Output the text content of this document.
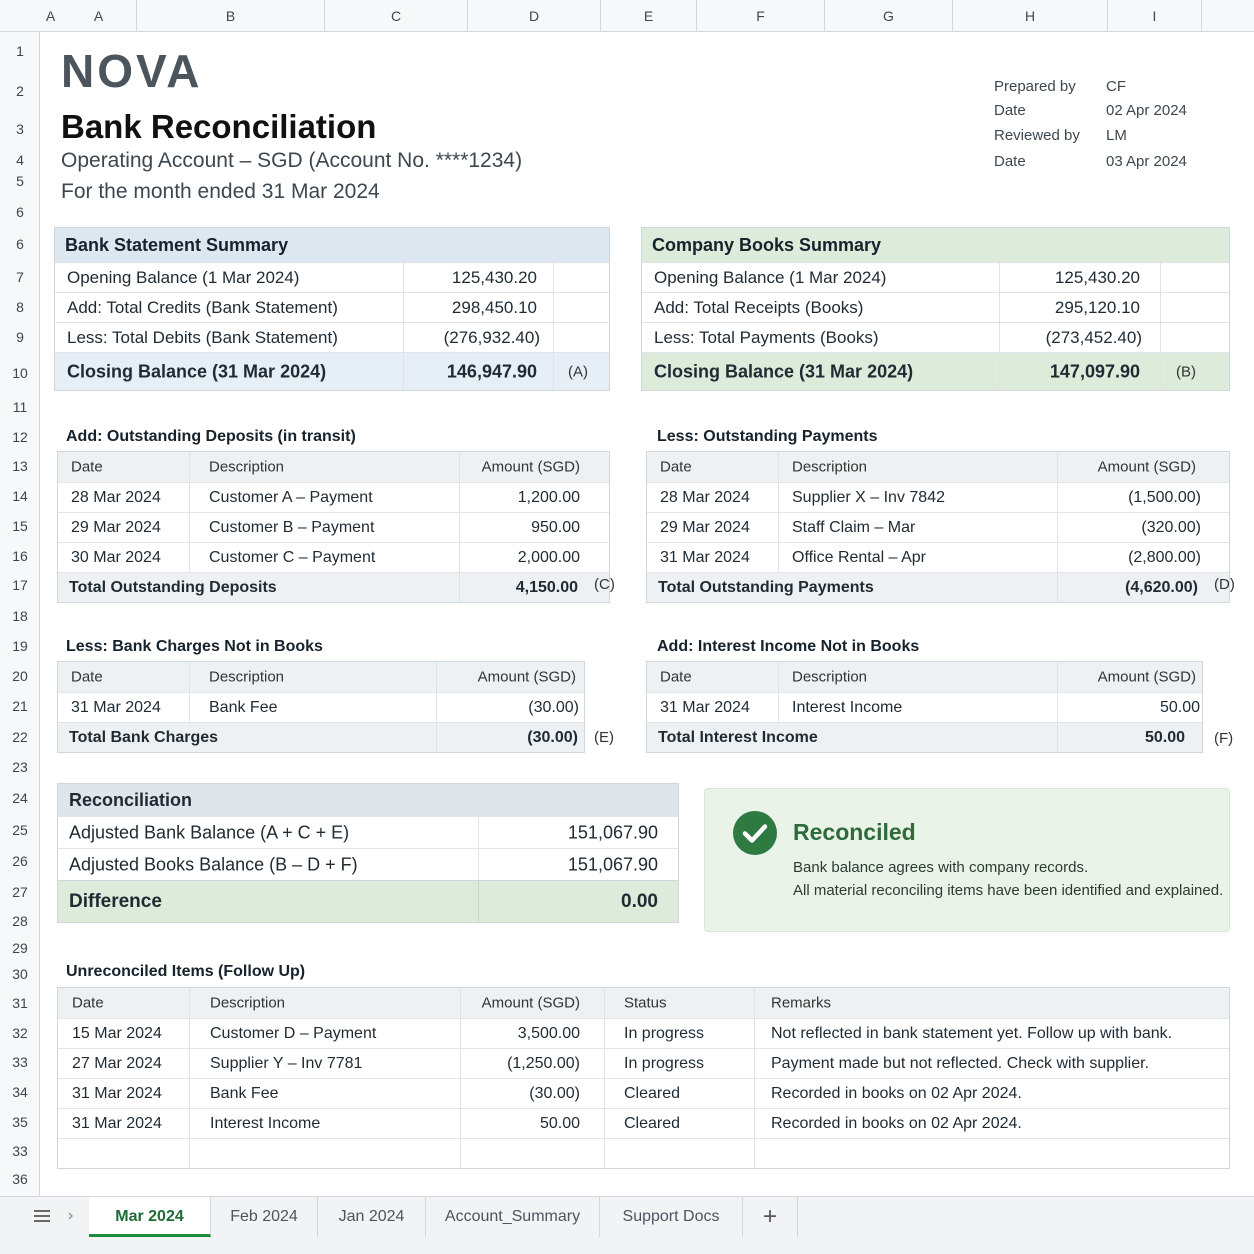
A	A	B	C	D	E	F	G	H	I
1
2
3
4
5
6
6
7
8
9
10
11
12
13
14
15
16
17
18
19
20
21
22
23
24
25
26
27
28
29
30
31
32
33
34
35
33
36
NOVA
Bank Reconciliation
Operating Account – SGD (Account No. ****1234)
For the month ended 31 Mar 2024
Prepared by CF
Date	02 Apr 2024
Reviewed by LM
Date	03 Apr 2024
Bank Statement Summary
Opening Balance (1 Mar 2024)	125,430.20
Add: Total Credits (Bank Statement)	298,450.10
Less: Total Debits (Bank Statement)	(276,932.40)
Closing Balance (31 Mar 2024)	146,947.90 (A)
Company Books Summary
Opening Balance (1 Mar 2024)	125,430.20
Add: Total Receipts (Books)	295,120.10
Less: Total Payments (Books)	(273,452.40)
Closing Balance (31 Mar 2024)	147,097.90 (B)
Add: Outstanding Deposits (in transit)
Date	Description	Amount (SGD)
28 Mar 2024	Customer A – Payment	1,200.00
29 Mar 2024	Customer B – Payment	950.00
30 Mar 2024	Customer C – Payment	2,000.00
Total Outstanding Deposits	4,150.00 (C)
Less: Outstanding Payments
Date	Description	Amount (SGD)
28 Mar 2024	Supplier X – Inv 7842	(1,500.00)
29 Mar 2024	Staff Claim – Mar	(320.00)
31 Mar 2024	Office Rental – Apr	(2,800.00)
Total Outstanding Payments	(4,620.00) (D)
Less: Bank Charges Not in Books
Date	Description	Amount (SGD)
31 Mar 2024	Bank Fee	(30.00)
Total Bank Charges	(30.00) (E)
Add: Interest Income Not in Books
Date	Description	Amount (SGD)
31 Mar 2024	Interest Income	50.00
Total Interest Income	50.00 (F)
Reconciliation
Adjusted Bank Balance (A + C + E)	151,067.90
Adjusted Books Balance (B – D + F)	151,067.90
Difference	0.00
Reconciled
Bank balance agrees with company records.
All material reconciling items have been identified and explained.
Unreconciled Items (Follow Up)
Date	Description	Amount (SGD)	Status	Remarks
15 Mar 2024	Customer D – Payment	3,500.00	In progress	Not reflected in bank statement yet. Follow up with bank.
27 Mar 2024	Supplier Y – Inv 7781	(1,250.00)	In progress	Payment made but not reflected. Check with supplier.
31 Mar 2024	Bank Fee	(30.00)	Cleared	Recorded in books on 02 Apr 2024.
31 Mar 2024	Interest Income	50.00	Cleared	Recorded in books on 02 Apr 2024.
Mar 2024	Feb 2024	Jan 2024	Account_Summary	Support Docs	+
